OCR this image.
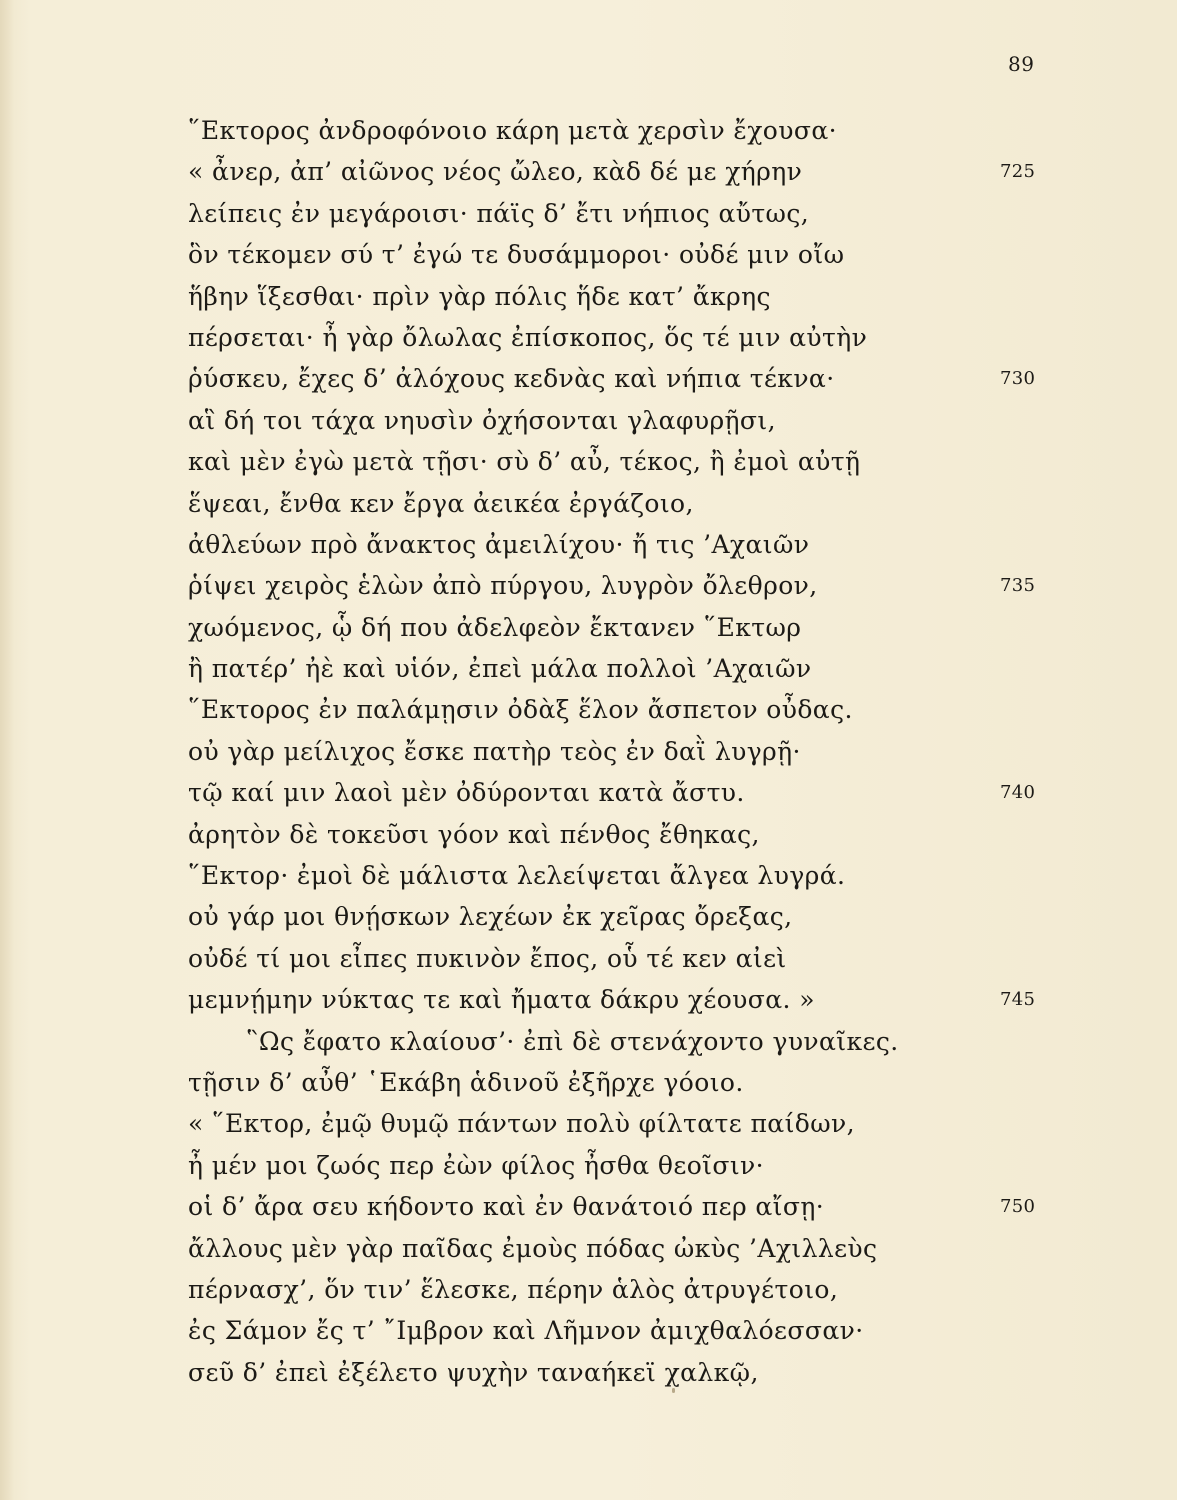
89
῞Εκτορος ἀνδροφόνοιο κάρη μετὰ χερσὶν ἔχουσα·
« ἆνερ, ἀπ’ αἰῶνος νέος ὤλεο, κὰδ δέ με χήρην	725
λείπεις ἐν μεγάροισι· πάϊς δ’ ἔτι νήπιος αὔτως,
ὃν τέκομεν σύ τ’ ἐγώ τε δυσάμμοροι· οὐδέ μιν οἴω
ἥβην ἵξεσθαι· πρὶν γὰρ πόλις ἥδε κατ’ ἄκρης
πέρσεται· ἦ γὰρ ὄλωλας ἐπίσκοπος, ὅς τέ μιν αὐτὴν
ῥύσκευ, ἔχες δ’ ἀλόχους κεδνὰς καὶ νήπια τέκνα·	730
αἳ δή τοι τάχα νηυσὶν ὀχήσονται γλαφυρῇσι,
καὶ μὲν ἐγὼ μετὰ τῇσι· σὺ δ’ αὖ, τέκος, ἢ ἐμοὶ αὐτῇ
ἕψεαι, ἔνθα κεν ἔργα ἀεικέα ἐργάζοιο,
ἀθλεύων πρὸ ἄνακτος ἀμειλίχου· ἤ τις ’Αχαιῶν
ῥίψει χειρὸς ἑλὼν ἀπὸ πύργου, λυγρὸν ὄλεθρον,	735
χωόμενος, ᾧ δή που ἀδελφεὸν ἔκτανεν ῞Εκτωρ
ἢ πατέρ’ ἠὲ καὶ υἱόν, ἐπεὶ μάλα πολλοὶ ’Αχαιῶν
῞Εκτορος ἐν παλάμῃσιν ὀδὰξ ἕλον ἄσπετον οὖδας.
οὐ γὰρ μείλιχος ἔσκε πατὴρ τεὸς ἐν δαῒ λυγρῇ·
τῷ καί μιν λαοὶ μὲν ὀδύρονται κατὰ ἄστυ.	740
ἀρητὸν δὲ τοκεῦσι γόον καὶ πένθος ἔθηκας,
῞Εκτορ· ἐμοὶ δὲ μάλιστα λελείψεται ἄλγεα λυγρά.
οὐ γάρ μοι θνῄσκων λεχέων ἐκ χεῖρας ὄρεξας,
οὐδέ τί μοι εἶπες πυκινὸν ἔπος, οὗ τέ κεν αἰεὶ
μεμνῄμην νύκτας τε καὶ ἤματα δάκρυ χέουσα. »	745
῝Ως ἔφατο κλαίουσ’· ἐπὶ δὲ στενάχοντο γυναῖκες.
τῇσιν δ’ αὖθ’ ῾Εκάβη ἁδινοῦ ἐξῆρχε γόοιο.
« ῞Εκτορ, ἐμῷ θυμῷ πάντων πολὺ φίλτατε παίδων,
ἦ μέν μοι ζωός περ ἐὼν φίλος ἦσθα θεοῖσιν·
οἱ δ’ ἄρα σευ κήδοντο καὶ ἐν θανάτοιό περ αἴσῃ·	750
ἄλλους μὲν γὰρ παῖδας ἐμοὺς πόδας ὠκὺς ’Αχιλλεὺς
πέρνασχ’, ὅν τιν’ ἕλεσκε, πέρην ἁλὸς ἀτρυγέτοιο,
ἐς Σάμον ἔς τ’ ῎Ιμβρον καὶ Λῆμνον ἀμιχθαλόεσσαν·
σεῦ δ’ ἐπεὶ ἐξέλετο ψυχὴν ταναήκεϊ χαλκῷ,
